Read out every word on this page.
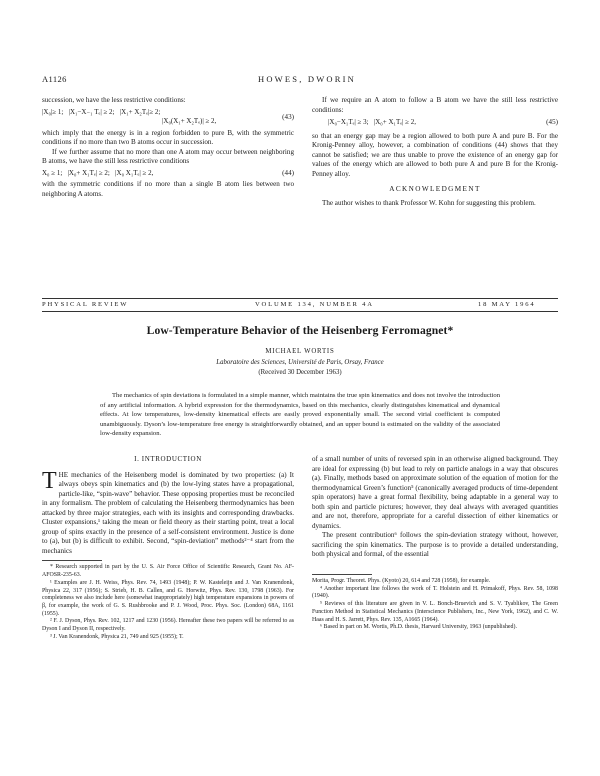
A1126	HOWES, DWORIN

succession, we have the less restrictive conditions:

|X₀|≥ 1;   |X₁−X₋₁ Tₑ| ≥ 2;   |X₁+ X₂Tₑ|≥ 2;
|X₀(X₁+ X₂Tₑ)| ≥ 2,
(43)

which imply that the energy is in a region forbidden to pure B, with the symmetric conditions if no more than two B atoms occur in succession.

If we further assume that no more than one A atom may occur between neighboring B atoms, we have the still less restrictive conditions

X₀ ≥ 1;   |X₀+ X₁Tₑ| ≥ 2;   |X₀ X₁Tₑ| ≥ 2,	(44)

with the symmetric conditions if no more than a single B atom lies between two neighboring A atoms.

If we require an A atom to follow a B atom we have the still less restrictive conditions:

|X₀−X₁Tₑ| ≥ 3;   |X₀+ X₁Tₑ| ≥ 2,	(45)

so that an energy gap may be a region allowed to both pure A and pure B. For the Kronig-Penney alloy, however, a combination of conditions (44) shows that they cannot be satisfied; we are thus unable to prove the existence of an energy gap for values of the energy which are allowed to both pure A and pure B for the Kronig-Penney alloy.

ACKNOWLEDGMENT

The author wishes to thank Professor W. Kohn for suggesting this problem.

PHYSICAL REVIEW	VOLUME 134, NUMBER 4A	18 MAY 1964
Low-Temperature Behavior of the Heisenberg Ferromagnet*
MICHAEL WORTIS
Laboratoire des Sciences, Université de Paris, Orsay, France
(Received 30 December 1963)
The mechanics of spin deviations is formulated in a simple manner, which maintains the true spin kinematics and does not involve the introduction of any artificial information. A hybrid expression for the thermodynamics, based on this mechanics, clearly distinguishes kinematical and dynamical effects. At low temperatures, low-density kinematical effects are easily proved exponentially small. The second virial coefficient is computed unambiguously. Dyson’s low-temperature free energy is straightforwardly obtained, and an upper bound is estimated on the validity of the associated low-density expansion.
I. INTRODUCTION

THE mechanics of the Heisenberg model is dominated by two properties: (a) It always obeys spin kinematics and (b) the low-lying states have a propagational, particle-like, “spin-wave” behavior. These opposing properties must be reconciled in any formalism. The problem of calculating the Heisenberg thermodynamics has been attacked by three major strategies, each with its insights and corresponding drawbacks. Cluster expansions,¹ taking the mean or field theory as their starting point, treat a local group of spins exactly in the presence of a self-consistent environment. Justice is done to (a), but (b) is difficult to exhibit. Second, “spin-deviation” methods²⁻⁴ start from the mechanics

* Research supported in part by the U. S. Air Force Office of Scientific Research, Grant No. AF-AFOSR-235-63.

¹ Examples are J. H. Weiss, Phys. Rev. 74, 1493 (1948); P. W. Kasteleijn and J. Van Kranendonk, Physica 22, 317 (1956); S. Strieb, H. B. Callen, and G. Horwitz, Phys. Rev. 130, 1798 (1963). For completeness we also include here (somewhat inappropriately) high temperature expansions in powers of β, for example, the work of G. S. Rushbrooke and P. J. Wood, Proc. Phys. Soc. (London) 68A, 1161 (1955).

² F. J. Dyson, Phys. Rev. 102, 1217 and 1230 (1956). Hereafter these two papers will be referred to as Dyson I and Dyson II, respectively.

³ J. Van Kranendonk, Physica 21, 749 and 925 (1955); T.

of a small number of units of reversed spin in an otherwise aligned background. They are ideal for expressing (b) but lead to rely on particle analogs in a way that obscures (a). Finally, methods based on approximate solution of the equation of motion for the thermodynamical Green’s function⁵ (canonically averaged products of time-dependent spin operators) have a great formal flexibility, being adaptable in a general way to both spin and particle pictures; however, they deal always with averaged quantities and are not, therefore, appropriate for a careful dissection of either kinematics or dynamics.

The present contribution⁶ follows the spin-deviation strategy without, however, sacrificing the spin kinematics. The purpose is to provide a detailed understanding, both physical and formal, of the essential

Morita, Progr. Theoret. Phys. (Kyoto) 20, 614 and 728 (1958), for example.

⁴ Another important line follows the work of T. Holstein and H. Primakoff, Phys. Rev. 58, 1098 (1940).

⁵ Reviews of this literature are given in V. L. Bonch-Bruevich and S. V. Tyablikov, The Green Function Method in Statistical Mechanics (Interscience Publishers, Inc., New York, 1962), and C. W. Haas and H. S. Jarrett, Phys. Rev. 135, A1665 (1964).

⁶ Based in part on M. Wortis, Ph.D. thesis, Harvard University, 1963 (unpublished).
